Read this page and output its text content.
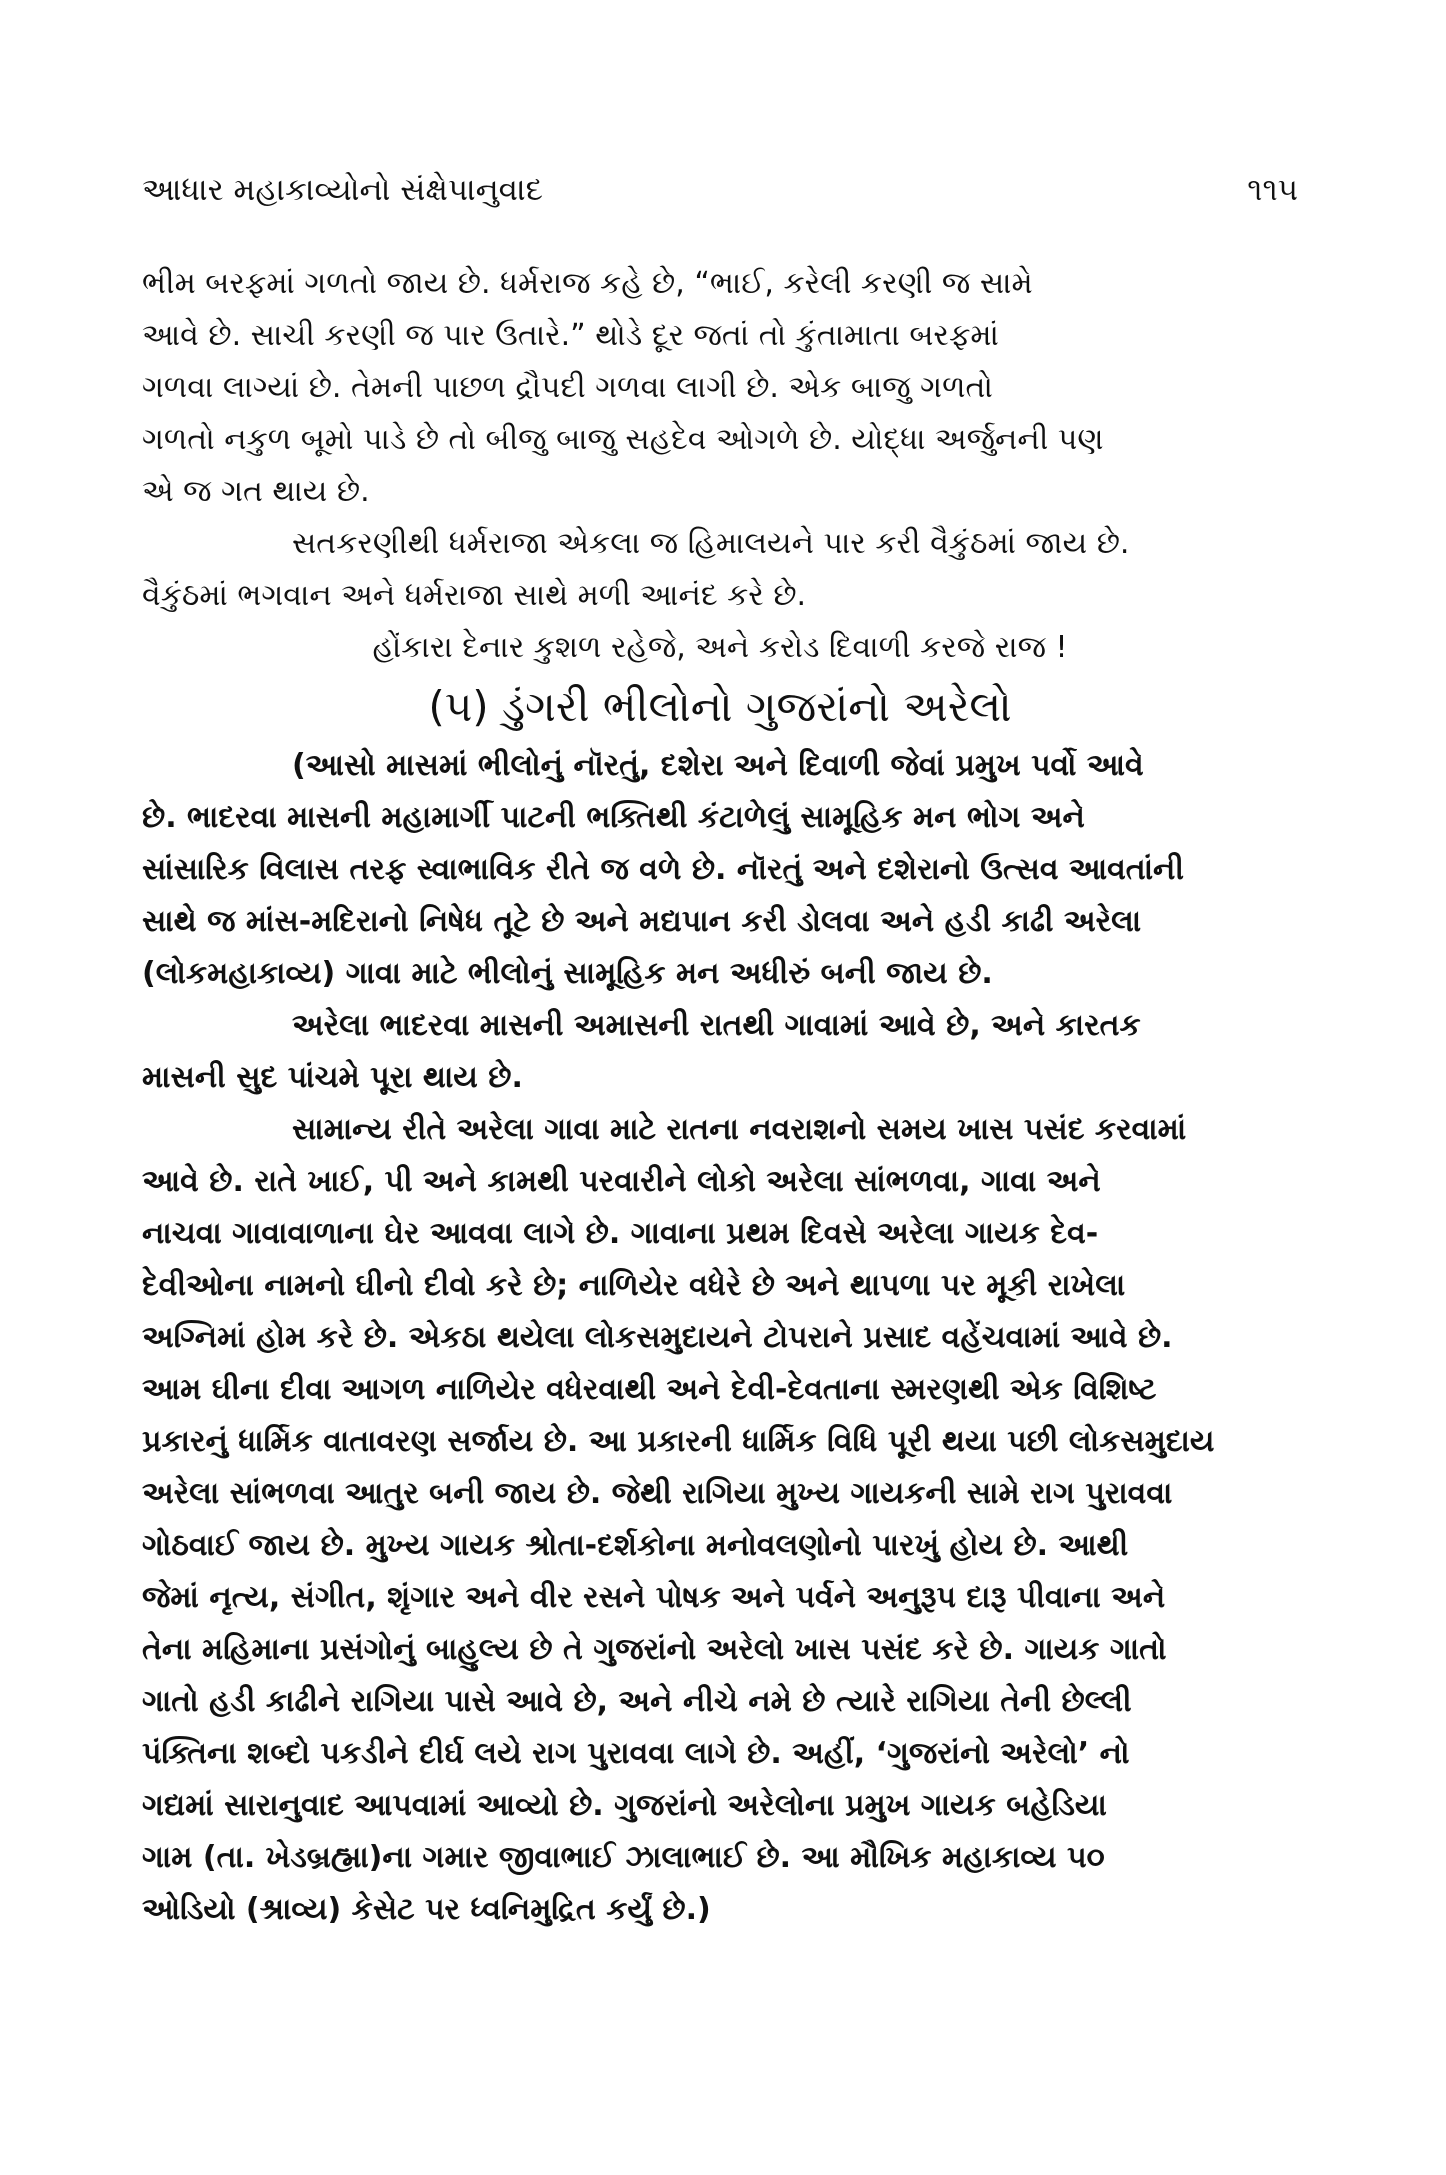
આધાર મહાકાવ્યોનો સંક્ષેપાનુવાદ	૧૧૫
ભીમ બરફમાં ગળતો જાય છે. ધર્મરાજ કહે છે, “ભાઈ, કરેલી કરણી જ સામે
આવે છે. સાચી કરણી જ પાર ઉતારે.” થોડે દૂર જતાં તો કુંતામાતા બરફમાં
ગળવા લાગ્યાં છે. તેમની પાછળ દ્રૌપદી ગળવા લાગી છે. એક બાજુ ગળતો
ગળતો નકુળ બૂમો પાડે છે તો બીજુ બાજુ સહદેવ ઓગળે છે. યોદ્ધા અર્જુનની પણ
એ જ ગત થાય છે.
સતકરણીથી ધર્મરાજા એકલા જ હિમાલયને પાર કરી વૈકુંઠમાં જાય છે.
વૈકુંઠમાં ભગવાન અને ધર્મરાજા સાથે મળી આનંદ કરે છે.
હોંકારા દેનાર કુશળ રહેજે, અને કરોડ દિવાળી કરજે રાજ !
(૫) ડુંગરી ભીલોનો ગુજરાંનો અરેલો
(આસો માસમાં ભીલોનું નૉરતું, દશેરા અને દિવાળી જેવાં પ્રમુખ પર્વો આવે
છે. ભાદરવા માસની મહામાર્ગી પાટની ભક્તિથી કંટાળેલું સામૂહિક મન ભોગ અને
સાંસારિક વિલાસ તરફ સ્વાભાવિક રીતે જ વળે છે. નૉરતું અને દશેરાનો ઉત્સવ આવતાંની
સાથે જ માંસ-મદિરાનો નિષેધ તૂટે છે અને મદ્યપાન કરી ડોલવા અને હડી કાઢી અરેલા
(લોકમહાકાવ્ય) ગાવા માટે ભીલોનું સામૂહિક મન અધીરું બની જાય છે.
અરેલા ભાદરવા માસની અમાસની રાતથી ગાવામાં આવે છે, અને કારતક
માસની સુદ પાંચમે પૂરા થાય છે.
સામાન્ય રીતે અરેલા ગાવા માટે રાતના નવરાશનો સમય ખાસ પસંદ કરવામાં
આવે છે. રાતે ખાઈ, પી અને કામથી પરવારીને લોકો અરેલા સાંભળવા, ગાવા અને
નાચવા ગાવાવાળાના ઘેર આવવા લાગે છે. ગાવાના પ્રથમ દિવસે અરેલા ગાયક દેવ-
દેવીઓના નામનો ઘીનો દીવો કરે છે; નાળિયેર વધેરે છે અને થાપળા પર મૂકી રાખેલા
અગ્નિમાં હોમ કરે છે. એકઠા થયેલા લોકસમુદાયને ટોપરાને પ્રસાદ વહેંચવામાં આવે છે.
આમ ઘીના દીવા આગળ નાળિયેર વધેરવાથી અને દેવી-દેવતાના સ્મરણથી એક વિશિષ્ટ
પ્રકારનું ધાર્મિક વાતાવરણ સર્જાય છે. આ પ્રકારની ધાર્મિક વિધિ પૂરી થયા પછી લોકસમુદાય
અરેલા સાંભળવા આતુર બની જાય છે. જેથી રાગિયા મુખ્ય ગાયકની સામે રાગ પુરાવવા
ગોઠવાઈ જાય છે. મુખ્ય ગાયક શ્રોતા-દર્શકોના મનોવલણોનો પારખું હોય છે. આથી
જેમાં નૃત્ય, સંગીત, શૃંગાર અને વીર રસને પોષક અને પર્વને અનુરૂપ દારૂ પીવાના અને
તેના મહિમાના પ્રસંગોનું બાહુલ્ય છે તે ગુજરાંનો અરેલો ખાસ પસંદ કરે છે. ગાયક ગાતો
ગાતો હડી કાઢીને રાગિયા પાસે આવે છે, અને નીચે નમે છે ત્યારે રાગિયા તેની છેલ્લી
પંક્તિના શબ્દો પકડીને દીર્ઘ લયે રાગ પુરાવવા લાગે છે. અહીં, ‘ગુજરાંનો અરેલો’ નો
ગદ્યમાં સારાનુવાદ આપવામાં આવ્યો છે. ગુજરાંનો અરેલોના પ્રમુખ ગાયક બહેડિયા
ગામ (તા. ખેડબ્રહ્મા)ના ગમાર જીવાભાઈ ઝાલાભાઈ છે. આ મૌખિક મહાકાવ્ય ૫૦
ઓડિયો (શ્રાવ્ય) કેસેટ પર ધ્વનિમુદ્રિત કર્યું છે.)
